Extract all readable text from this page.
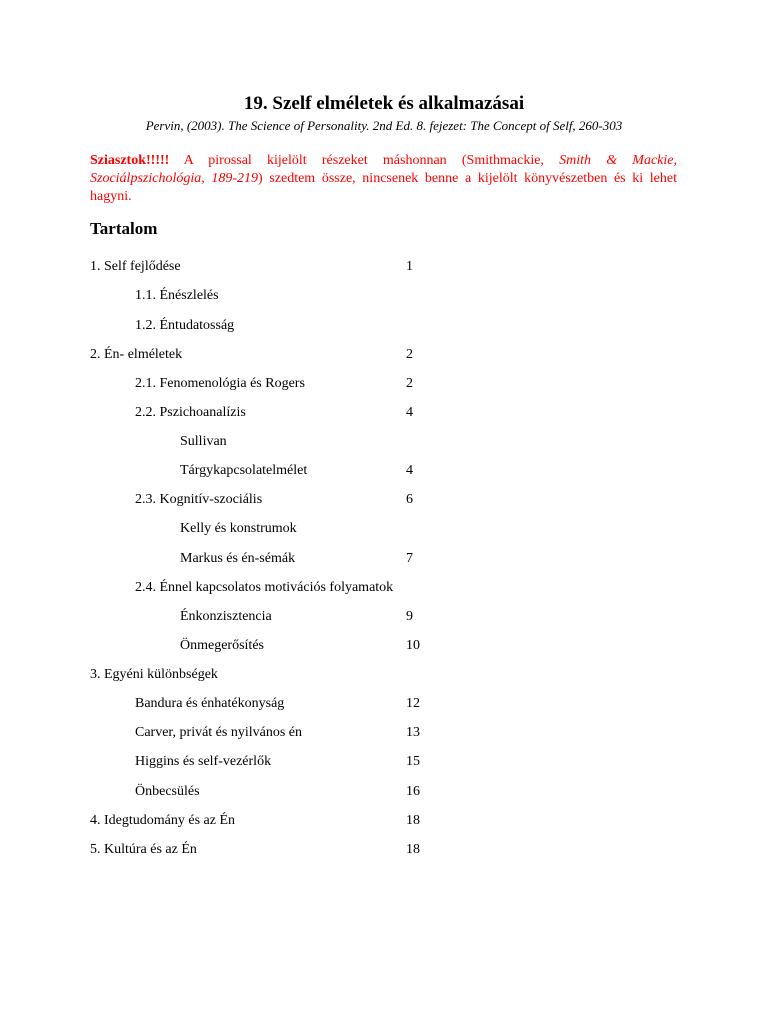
19. Szelf elméletek és alkalmazásai
Pervin, (2003). The Science of Personality. 2nd Ed. 8. fejezet: The Concept of Self, 260-303
Sziasztok!!!!! A pirossal kijelölt részeket máshonnan (Smithmackie, Smith & Mackie, Szociálpszichológia, 189-219) szedtem össze, nincsenek benne a kijelölt könyvészetben és ki lehet hagyni.
Tartalom
1. Self fejlődése	1
1.1. Énészlelés
1.2. Éntudatosság
2. Én- elméletek	2
2.1. Fenomenológia és Rogers	2
2.2. Pszichoanalízis	4
Sullivan
Tárgykapcsolatelmélet	4
2.3. Kognitív-szociális	6
Kelly és konstrumok
Markus és én-sémák	7
2.4. Énnel kapcsolatos motivációs folyamatok
Énkonzisztencia	9
Önmegerősítés	10
3. Egyéni különbségek
Bandura és énhatékonyság	12
Carver, privát és nyilvános én	13
Higgins és self-vezérlők	15
Önbecsülés	16
4. Idegtudomány és az Én	18
5. Kultúra és az Én	18
